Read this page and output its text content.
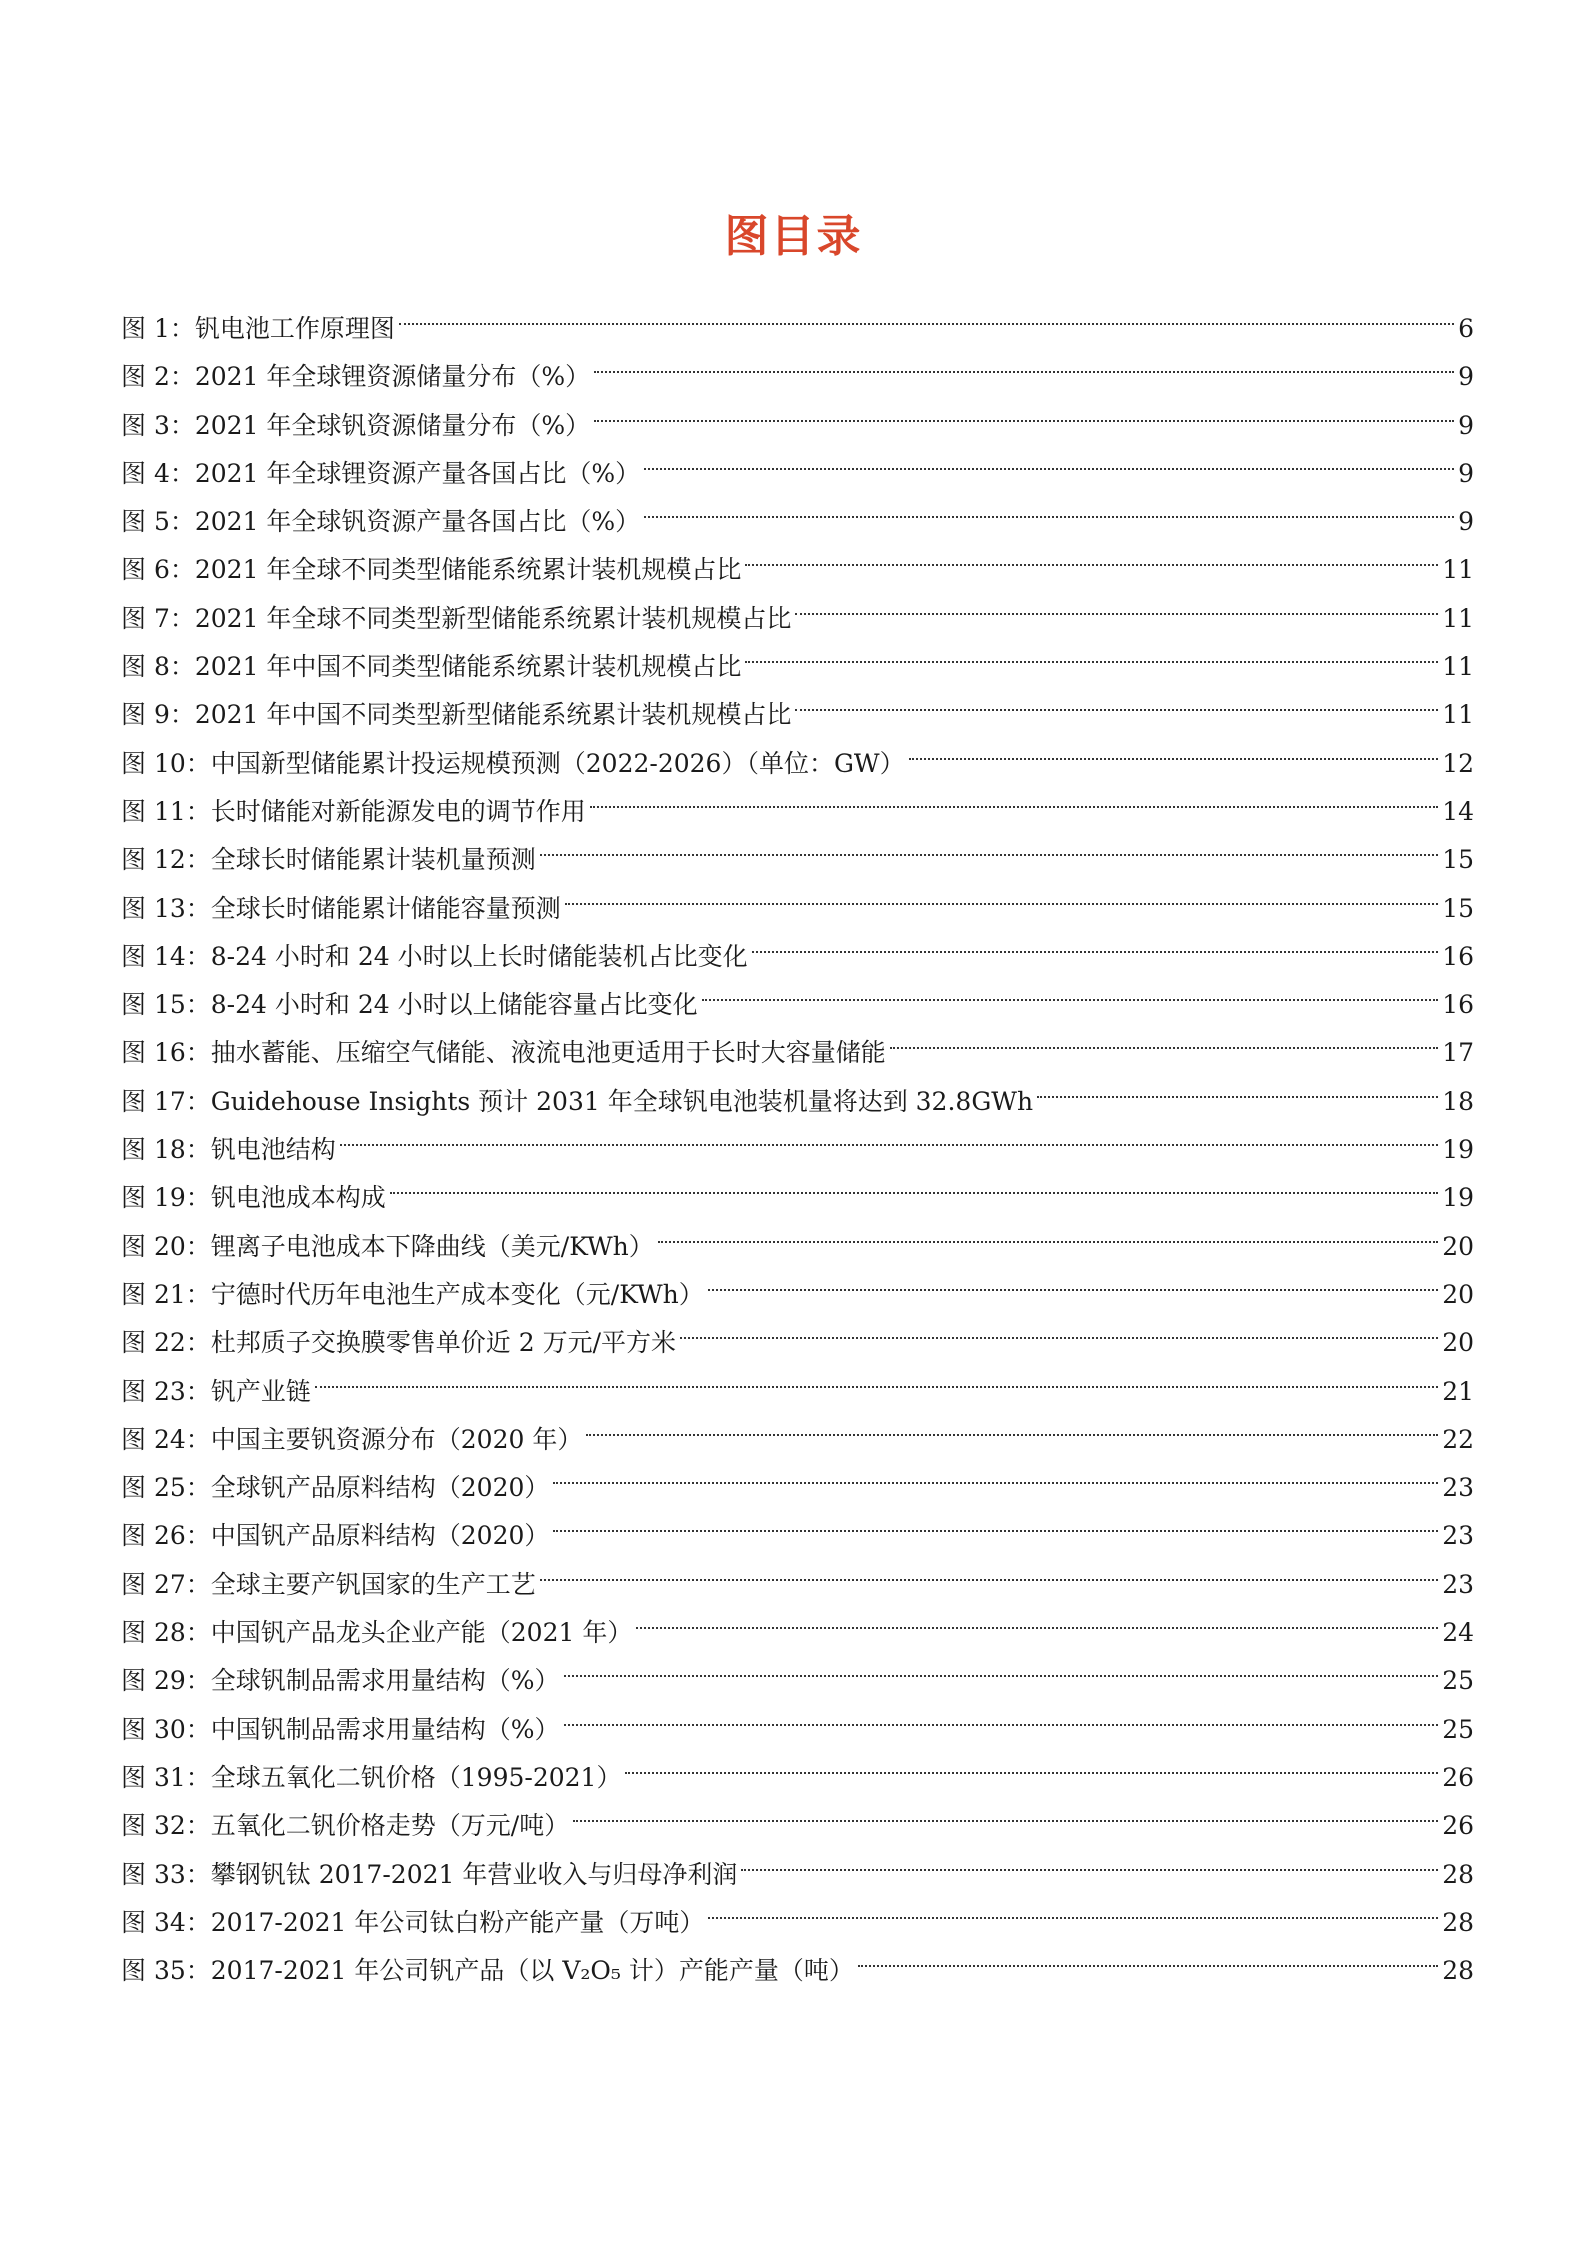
图目录
图 1： 钒电池工作原理图	6
图 2： 2021 年全球锂资源储量分布（%）	9
图 3： 2021 年全球钒资源储量分布（%）	9
图 4： 2021 年全球锂资源产量各国占比（%）	9
图 5： 2021 年全球钒资源产量各国占比（%）	9
图 6： 2021 年全球不同类型储能系统累计装机规模占比	11
图 7： 2021 年全球不同类型新型储能系统累计装机规模占比	11
图 8： 2021 年中国不同类型储能系统累计装机规模占比	11
图 9： 2021 年中国不同类型新型储能系统累计装机规模占比	11
图 10： 中国新型储能累计投运规模预测（2022-2026）（单位：GW）	12
图 11： 长时储能对新能源发电的调节作用	14
图 12： 全球长时储能累计装机量预测	15
图 13： 全球长时储能累计储能容量预测	15
图 14： 8-24 小时和 24 小时以上长时储能装机占比变化	16
图 15： 8-24 小时和 24 小时以上储能容量占比变化	16
图 16： 抽水蓄能、压缩空气储能、液流电池更适用于长时大容量储能	17
图 17： Guidehouse Insights 预计 2031 年全球钒电池装机量将达到 32.8GWh	18
图 18： 钒电池结构	19
图 19： 钒电池成本构成	19
图 20： 锂离子电池成本下降曲线（美元/KWh）	20
图 21： 宁德时代历年电池生产成本变化（元/KWh）	20
图 22： 杜邦质子交换膜零售单价近 2 万元/平方米	20
图 23： 钒产业链	21
图 24： 中国主要钒资源分布（2020 年）	22
图 25： 全球钒产品原料结构（2020）	23
图 26： 中国钒产品原料结构（2020）	23
图 27： 全球主要产钒国家的生产工艺	23
图 28： 中国钒产品龙头企业产能（2021 年）	24
图 29： 全球钒制品需求用量结构（%）	25
图 30： 中国钒制品需求用量结构（%）	25
图 31： 全球五氧化二钒价格（1995-2021）	26
图 32： 五氧化二钒价格走势（万元/吨）	26
图 33： 攀钢钒钛 2017-2021 年营业收入与归母净利润	28
图 34： 2017-2021 年公司钛白粉产能产量（万吨）	28
图 35： 2017-2021 年公司钒产品（以 V₂O₅ 计）产能产量（吨）	28
